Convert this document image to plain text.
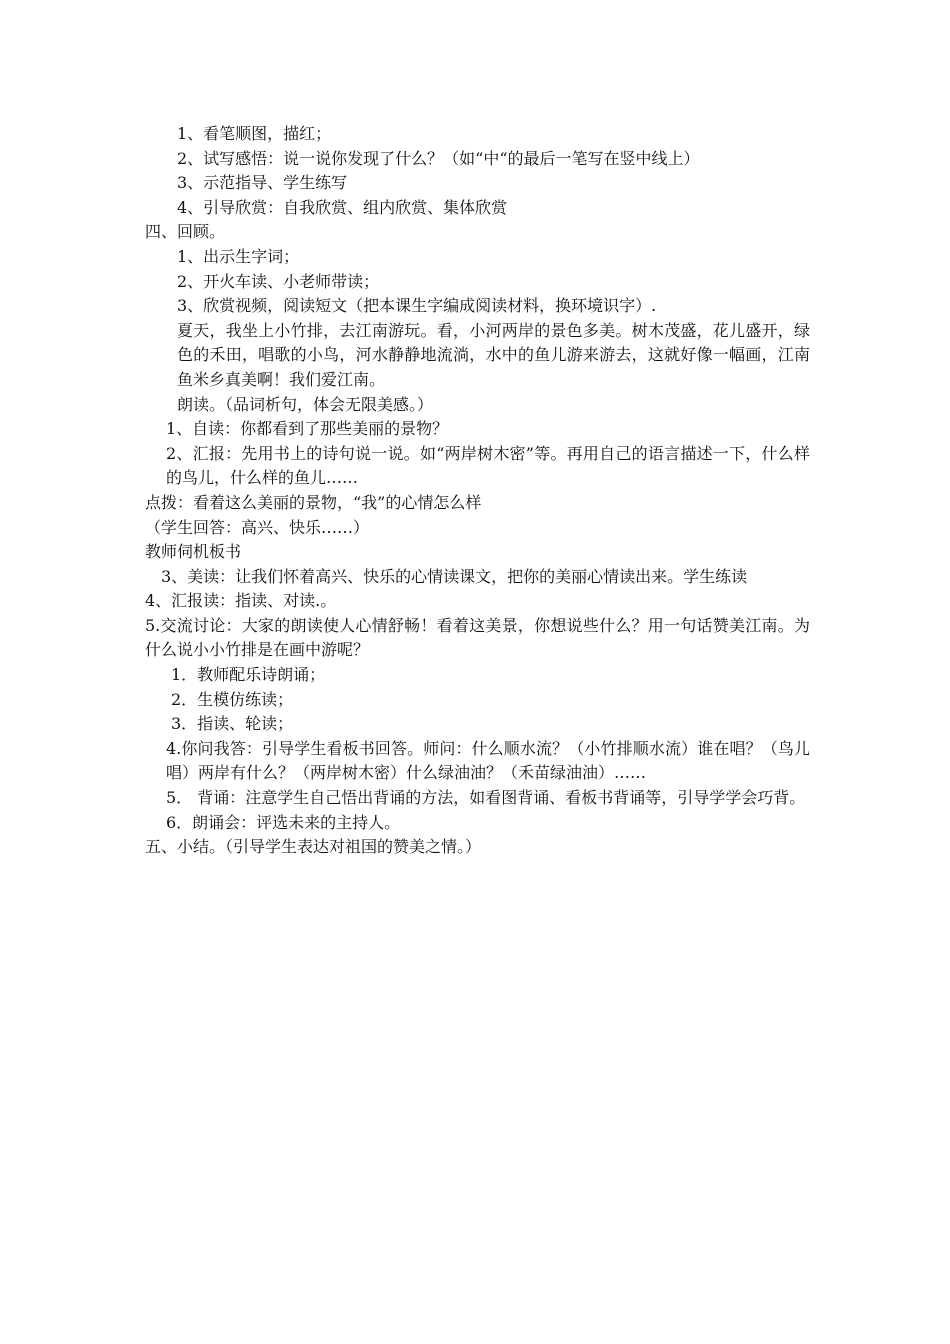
1、看笔顺图，描红；

2、试写感悟：说一说你发现了什么？（如“中“的最后一笔写在竖中线上）

3、示范指导、学生练写

4、引导欣赏：自我欣赏、组内欣赏、集体欣赏

四、回顾。

1、出示生字词；

2、开火车读、小老师带读；

3、欣赏视频，阅读短文（把本课生字编成阅读材料，换环境识字）.

夏天，我坐上小竹排，去江南游玩。看，小河两岸的景色多美。树木茂盛，花儿盛开，绿色的禾田，唱歌的小鸟，河水静静地流淌，水中的鱼儿游来游去，这就好像一幅画，江南鱼米乡真美啊！我们爱江南。

朗读。（品词析句，体会无限美感。）

1、自读：你都看到了那些美丽的景物？

2、汇报：先用书上的诗句说一说。如“两岸树木密”等。再用自己的语言描述一下，什么样的鸟儿，什么样的鱼儿……

点拨：看着这么美丽的景物，“我”的心情怎么样

（学生回答：高兴、快乐……）

教师伺机板书

3、美读：让我们怀着高兴、快乐的心情读课文，把你的美丽心情读出来。学生练读

4、汇报读：指读、对读.。

5.交流讨论：大家的朗读使人心情舒畅！看着这美景，你想说些什么？用一句话赞美江南。为什么说小小竹排是在画中游呢？

1．教师配乐诗朗诵；

2．生模仿练读；

3．指读、轮读；

4.你问我答：引导学生看板书回答。师问：什么顺水流？（小竹排顺水流）谁在唱？（鸟儿唱）两岸有什么？（两岸树木密）什么绿油油？（禾苗绿油油）……

5． 背诵：注意学生自己悟出背诵的方法，如看图背诵、看板书背诵等，引导学学会巧背。

6．朗诵会：评选未来的主持人。

五、小结。（引导学生表达对祖国的赞美之情。）
